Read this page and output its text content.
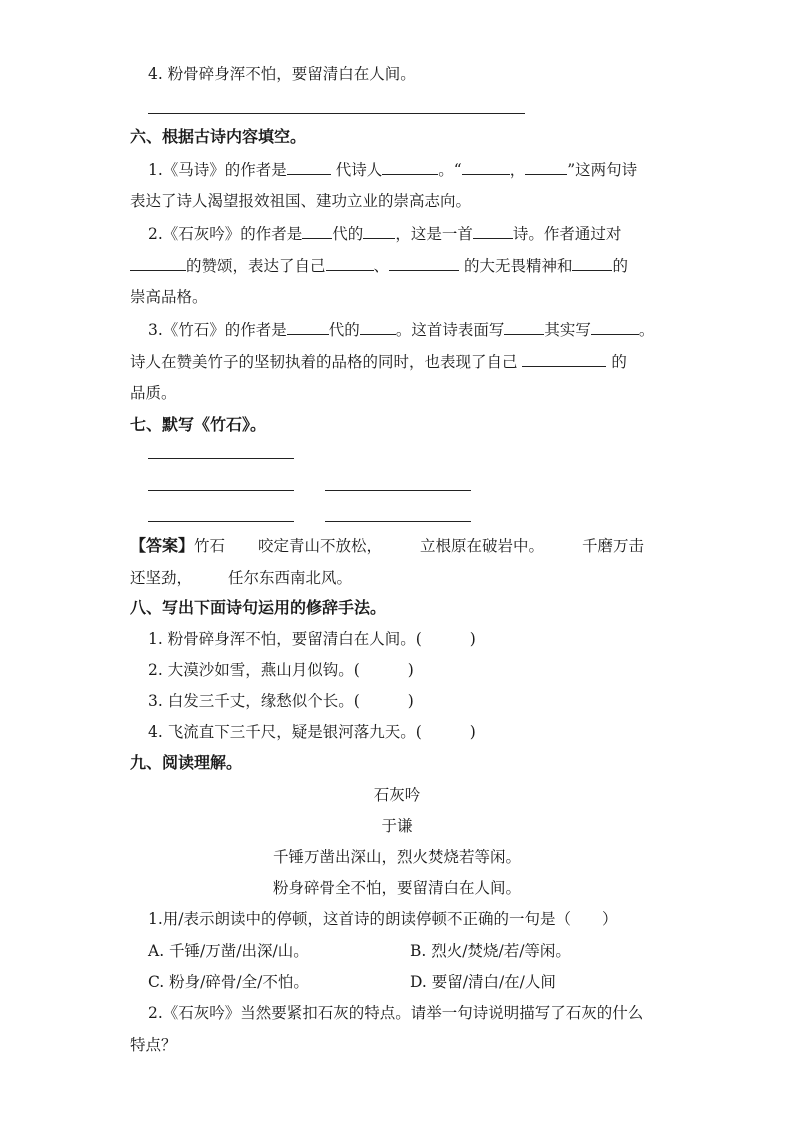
4. 粉骨碎身浑不怕，要留清白在人间。
六、根据古诗内容填空。
1.《马诗》的作者是	代诗人	。“	，	”这两句诗
表达了诗人渴望报效祖国、建功立业的崇高志向。
2.《石灰吟》的作者是 代的 ，这是一首	诗。作者通过对
的赞颂，表达了自己	、	的大无畏精神和	的
崇高品格。
3.《竹石》的作者是	代的 。这首诗表面写	其实写	。
诗人在赞美竹子的坚韧执着的品格的同时，也表现了自己	的
品质。
七、默写《竹石》。
【答案】竹石 咬定青山不放松， 立根原在破岩中。 千磨万击
还坚劲， 任尔东西南北风。
八、写出下面诗句运用的修辞手法。
1. 粉骨碎身浑不怕，要留清白在人间。(	)
2. 大漠沙如雪，燕山月似钩。(	)
3. 白发三千丈，缘愁似个长。(	)
4. 飞流直下三千尺，疑是银河落九天。(	)
九、阅读理解。
石灰吟
于谦
千锤万凿出深山，烈火焚烧若等闲。
粉身碎骨全不怕，要留清白在人间。
1.用/表示朗读中的停顿，这首诗的朗读停顿不正确的一句是（　　）
A. 千锤/万凿/出深/山。	B. 烈火/焚烧/若/等闲。
C. 粉身/碎骨/全/不怕。	D. 要留/清白/在/人间
2.《石灰吟》当然要紧扣石灰的特点。请举一句诗说明描写了石灰的什么
特点？
